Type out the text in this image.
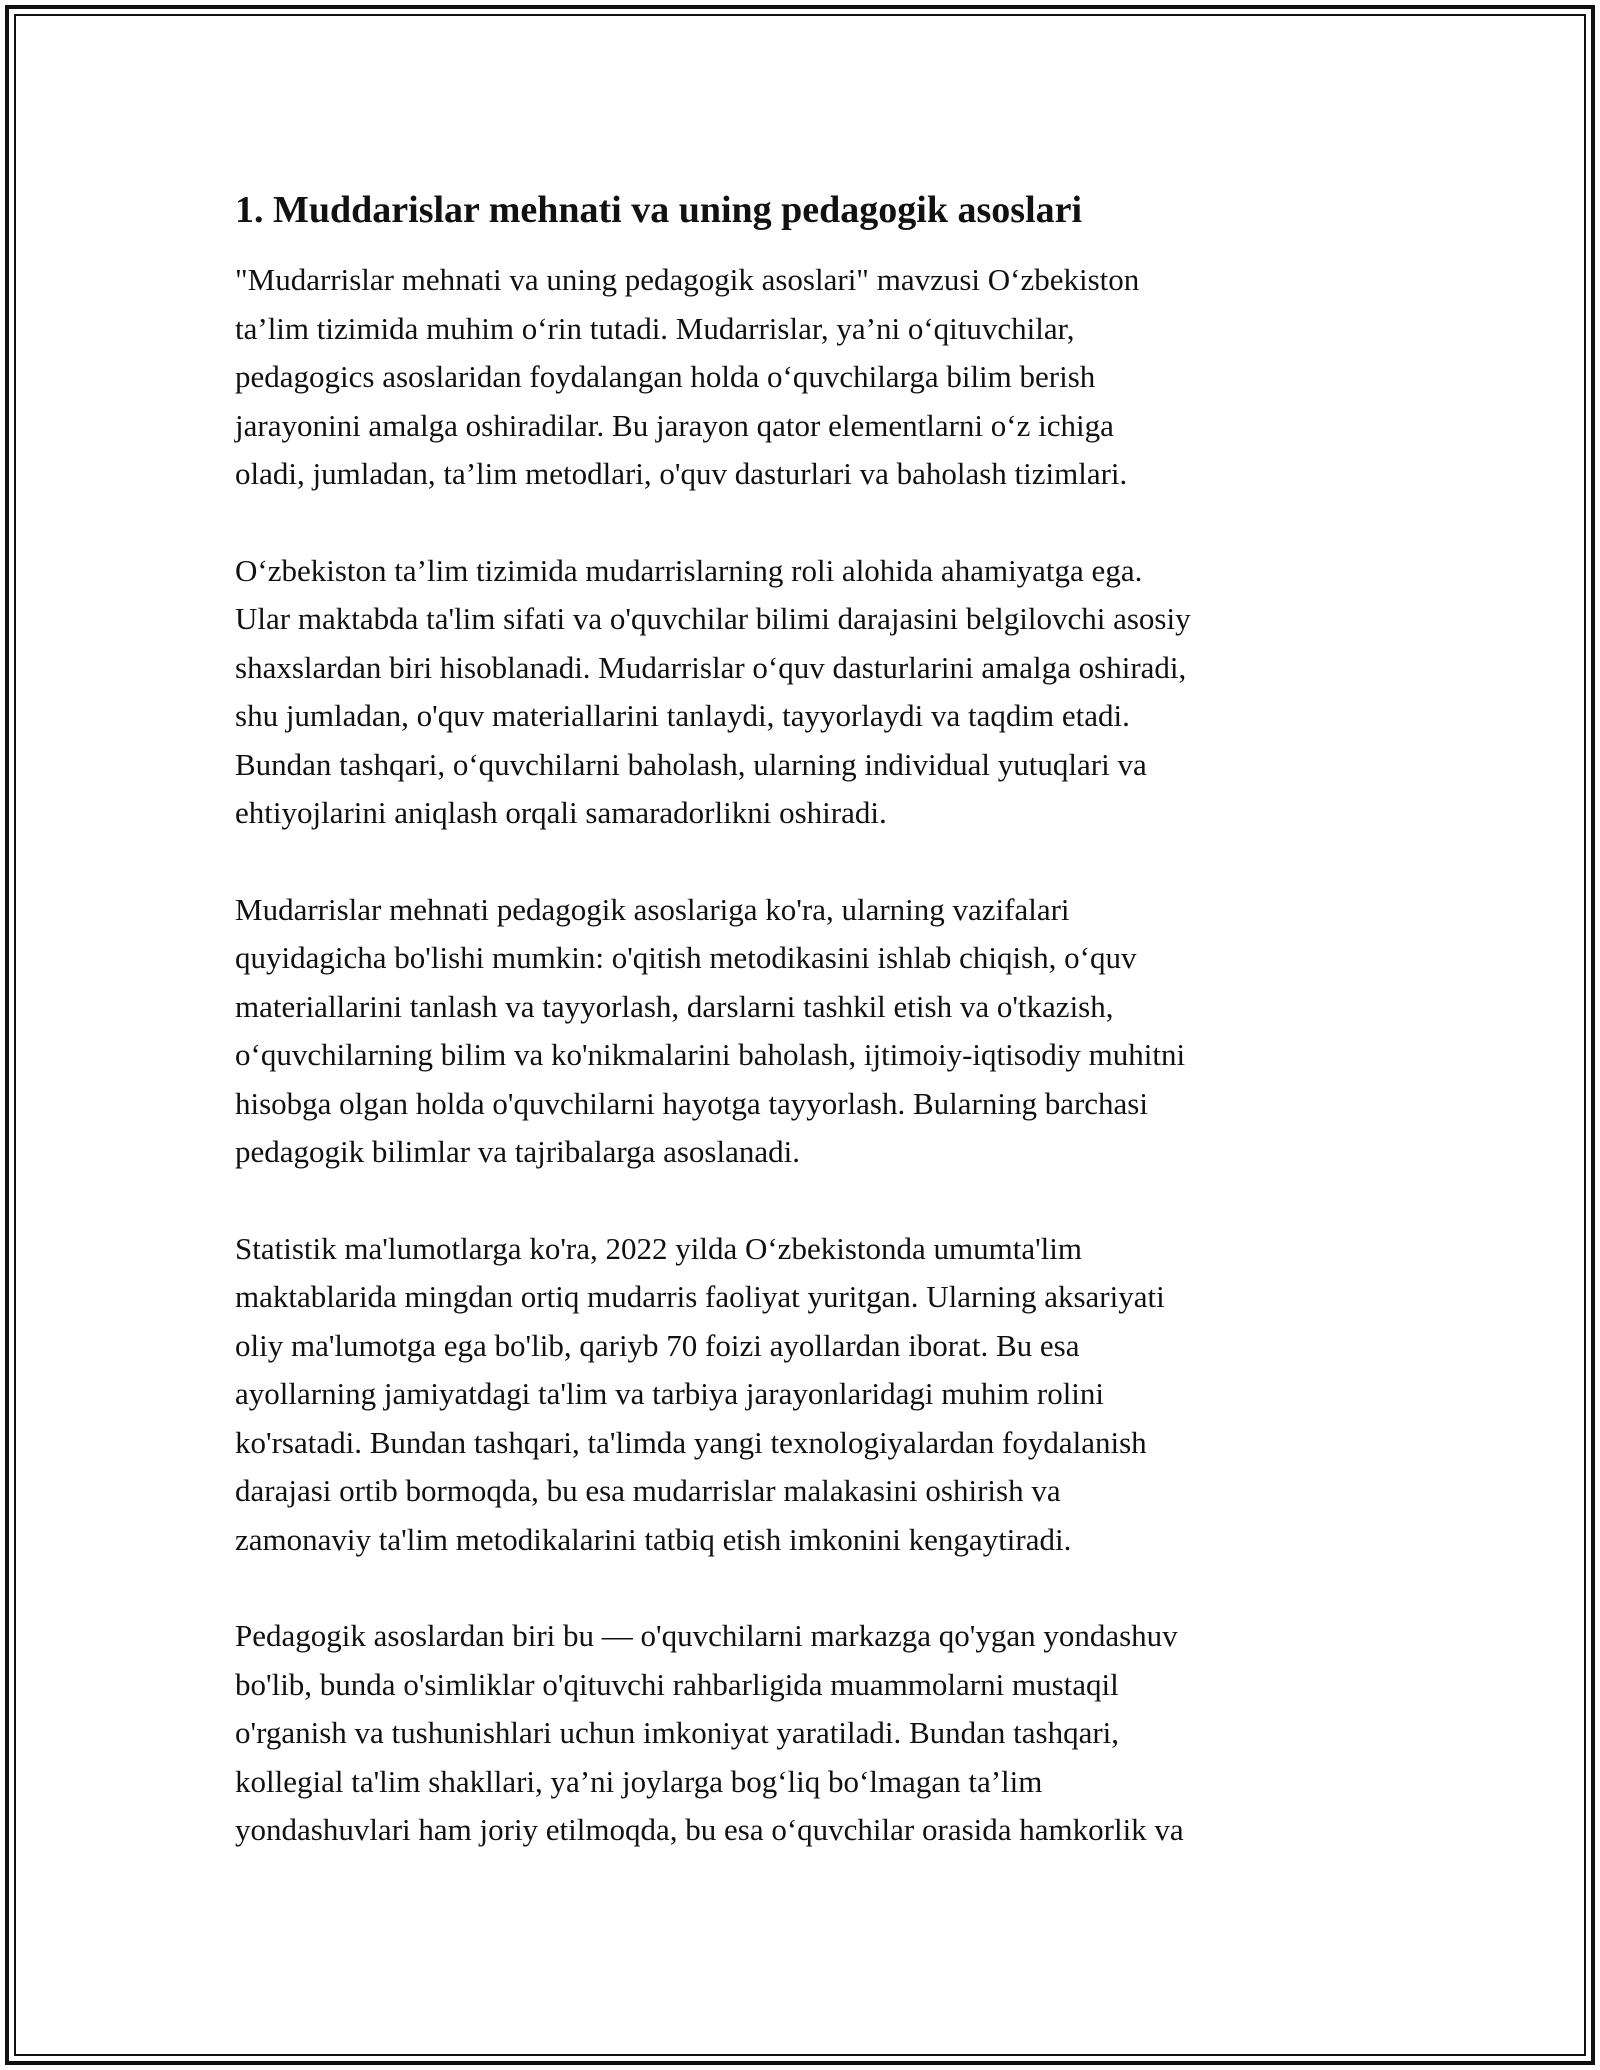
1. Muddarislar mehnati va uning pedagogik asoslari

"Mudarrislar mehnati va uning pedagogik asoslari" mavzusi O‘zbekiston
ta’lim tizimida muhim o‘rin tutadi. Mudarrislar, ya’ni o‘qituvchilar,
pedagogics asoslaridan foydalangan holda o‘quvchilarga bilim berish
jarayonini amalga oshiradilar. Bu jarayon qator elementlarni o‘z ichiga
oladi, jumladan, ta’lim metodlari, o'quv dasturlari va baholash tizimlari.

O‘zbekiston ta’lim tizimida mudarrislarning roli alohida ahamiyatga ega.
Ular maktabda ta'lim sifati va o'quvchilar bilimi darajasini belgilovchi asosiy
shaxslardan biri hisoblanadi. Mudarrislar o‘quv dasturlarini amalga oshiradi,
shu jumladan, o'quv materiallarini tanlaydi, tayyorlaydi va taqdim etadi.
Bundan tashqari, o‘quvchilarni baholash, ularning individual yutuqlari va
ehtiyojlarini aniqlash orqali samaradorlikni oshiradi.

Mudarrislar mehnati pedagogik asoslariga ko'ra, ularning vazifalari
quyidagicha bo'lishi mumkin: o'qitish metodikasini ishlab chiqish, o‘quv
materiallarini tanlash va tayyorlash, darslarni tashkil etish va o'tkazish,
o‘quvchilarning bilim va ko'nikmalarini baholash, ijtimoiy-iqtisodiy muhitni
hisobga olgan holda o'quvchilarni hayotga tayyorlash. Bularning barchasi
pedagogik bilimlar va tajribalarga asoslanadi.

Statistik ma'lumotlarga ko'ra, 2022 yilda O‘zbekistonda umumta'lim
maktablarida mingdan ortiq mudarris faoliyat yuritgan. Ularning aksariyati
oliy ma'lumotga ega bo'lib, qariyb 70 foizi ayollardan iborat. Bu esa
ayollarning jamiyatdagi ta'lim va tarbiya jarayonlaridagi muhim rolini
ko'rsatadi. Bundan tashqari, ta'limda yangi texnologiyalardan foydalanish
darajasi ortib bormoqda, bu esa mudarrislar malakasini oshirish va
zamonaviy ta'lim metodikalarini tatbiq etish imkonini kengaytiradi.

Pedagogik asoslardan biri bu — o'quvchilarni markazga qo'ygan yondashuv
bo'lib, bunda o'simliklar o'qituvchi rahbarligida muammolarni mustaqil
o'rganish va tushunishlari uchun imkoniyat yaratiladi. Bundan tashqari,
kollegial ta'lim shakllari, ya’ni joylarga bog‘liq bo‘lmagan ta’lim
yondashuvlari ham joriy etilmoqda, bu esa o‘quvchilar orasida hamkorlik va
